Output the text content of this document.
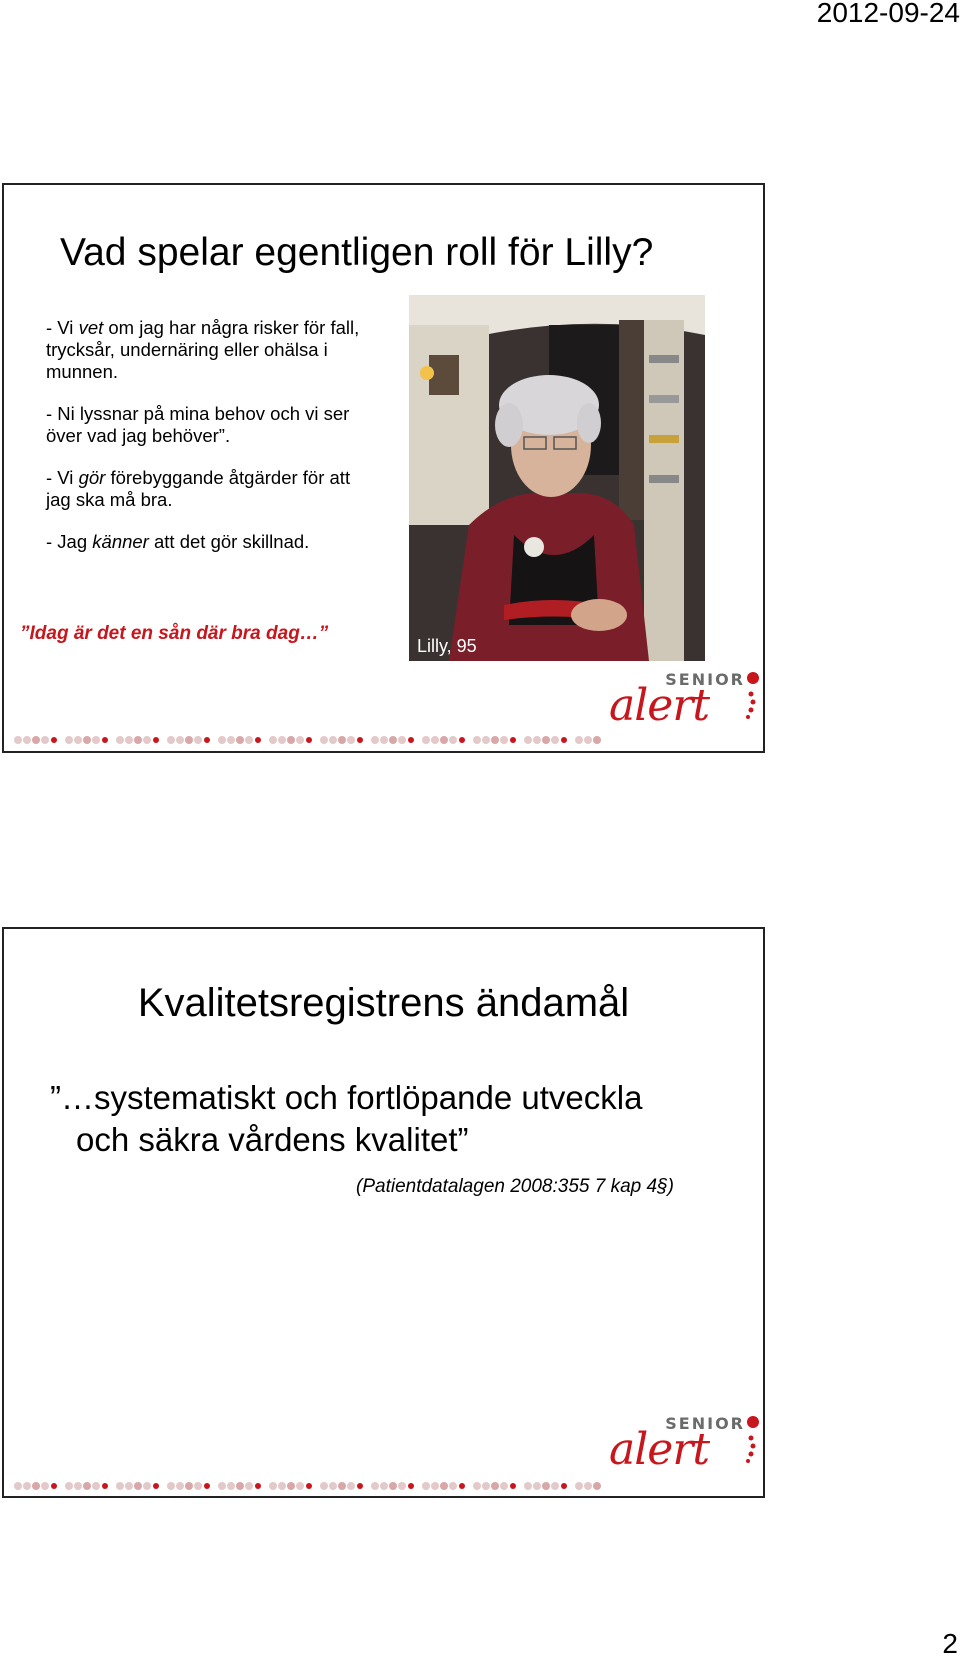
2012-09-24
Vad spelar egentligen roll för Lilly?

- Vi vet om jag har några risker för fall, trycksår, undernäring eller ohälsa i munnen.

- Ni lyssnar på mina behov och vi ser över vad jag behöver”.

- Vi gör förebyggande åtgärder för att jag ska må bra.

- Jag känner att det gör skillnad.

”Idag är det en sån där bra dag…”
Lilly, 95
SENIOR
alert
Kvalitetsregistrens ändamål
”…systematiskt och fortlöpande utveckla
och säkra vårdens kvalitet”
(Patientdatalagen 2008:355 7 kap 4§)
SENIOR
alert
2
